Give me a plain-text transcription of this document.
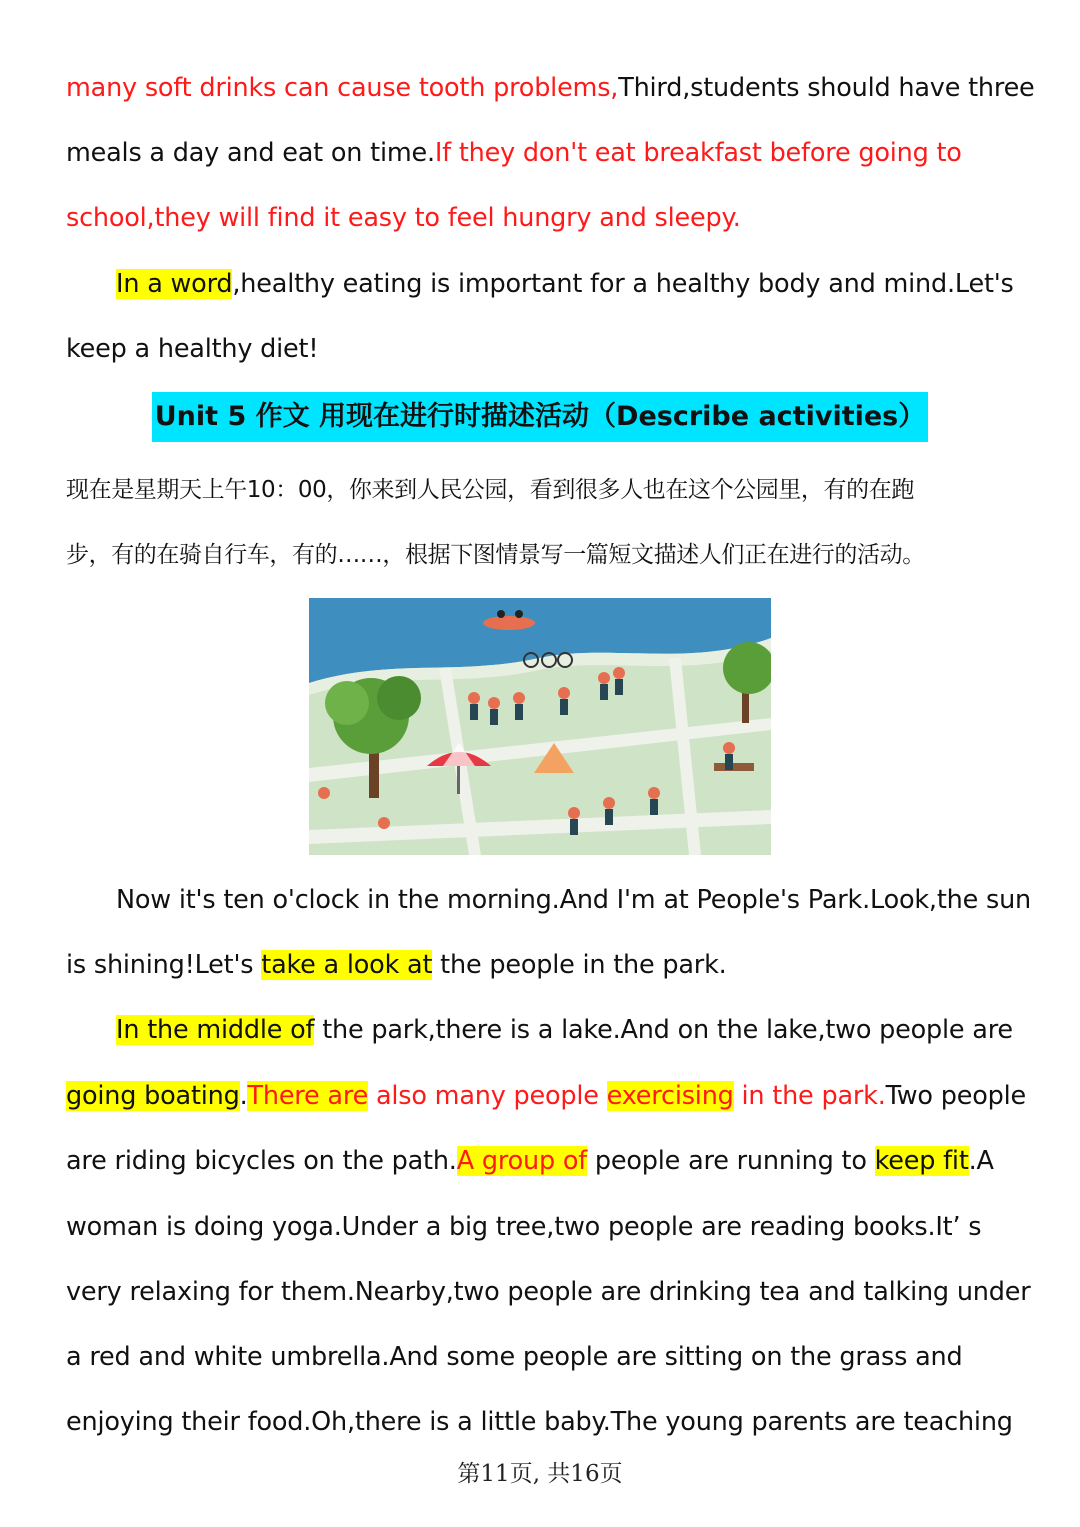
many soft drinks can cause tooth problems,Third,students should have three
meals a day and eat on time.If they don't eat breakfast before going to
school,they will find it easy to feel hungry and sleepy.
In a word,healthy eating is important for a healthy body and mind.Let's
keep a healthy diet!
Unit 5 作文 用现在进行时描述活动（Describe activities）
现在是星期天上午10：00，你来到人民公园，看到很多人也在这个公园里，有的在跑
步，有的在骑自行车，有的……，根据下图情景写一篇短文描述人们正在进行的活动。
Now it's ten o'clock in the morning.And I'm at People's Park.Look,the sun
is shining!Let's take a look at the people in the park.
In the middle of the park,there is a lake.And on the lake,two people are
going boating.There are also many people exercising in the park.Two people
are riding bicycles on the path.A group of people are running to keep fit.A
woman is doing yoga.Under a big tree,two people are reading books.It’ s
very relaxing for them.Nearby,two people are drinking tea and talking under
a red and white umbrella.And some people are sitting on the grass and
enjoying their food.Oh,there is a little baby.The young parents are teaching
第11页, 共16页
